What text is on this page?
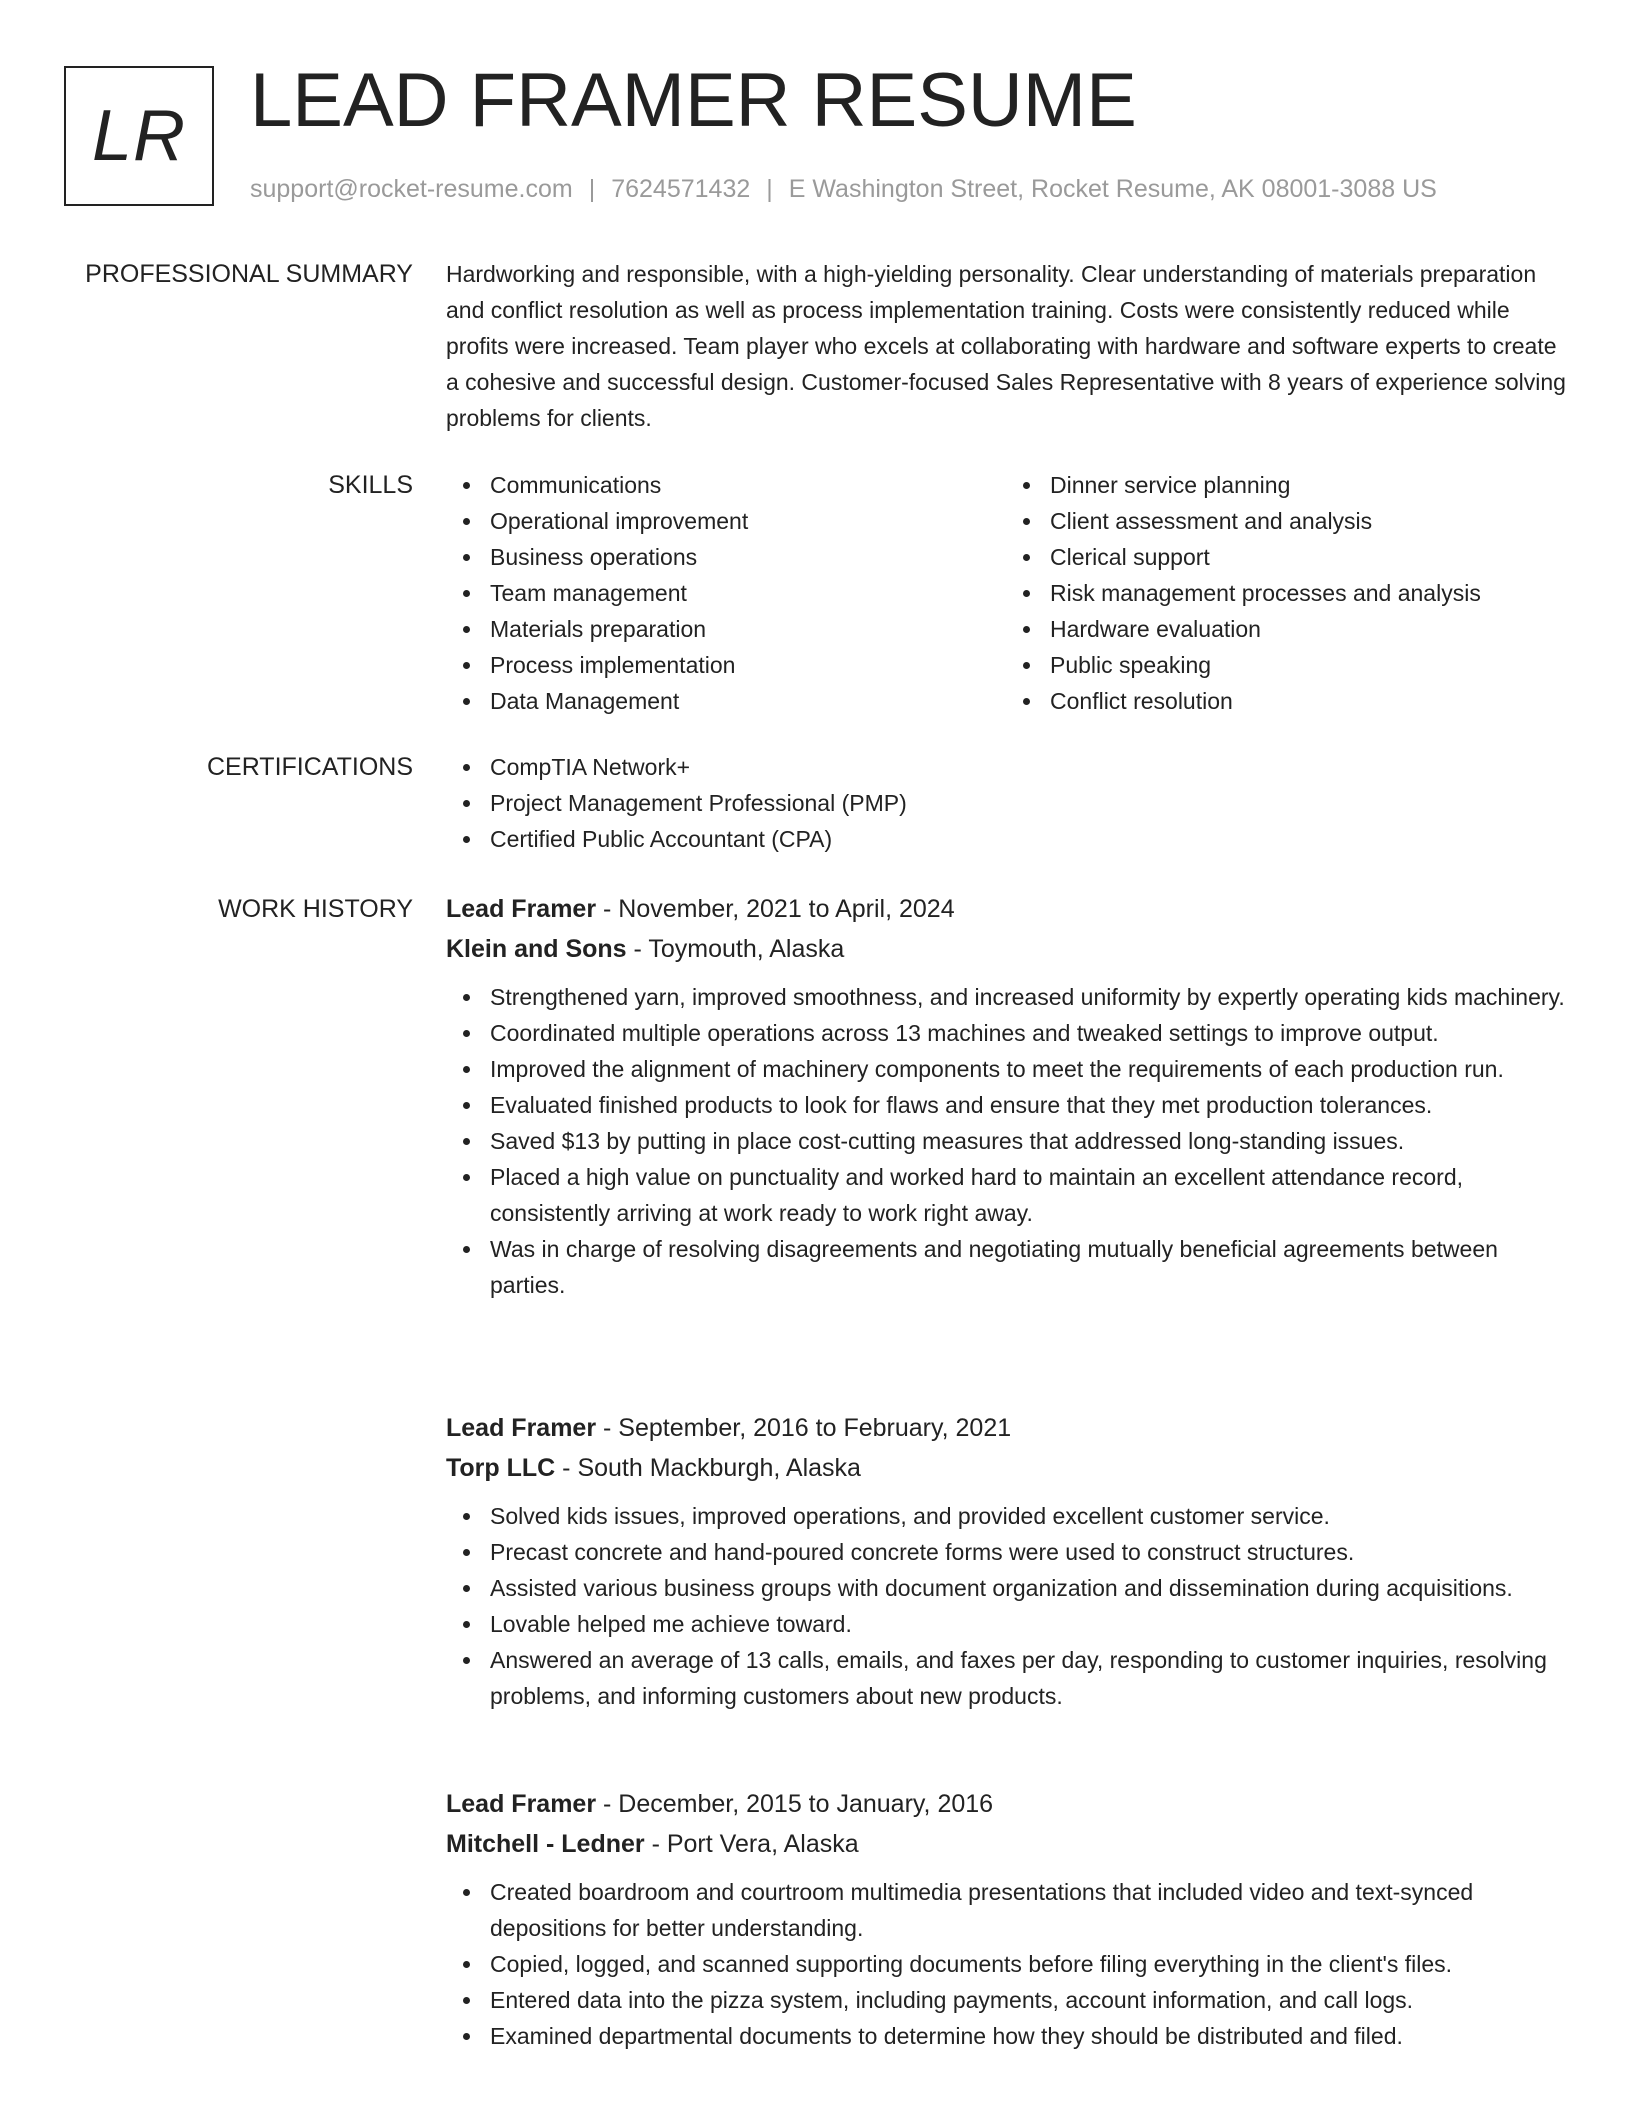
LR LEAD FRAMER RESUME
support@rocket-resume.com | 7624571432 | E Washington Street, Rocket Resume, AK 08001-3088 US
PROFESSIONAL SUMMARY Hardworking and responsible, with a high-yielding personality. Clear understanding of materials preparation and conflict resolution as well as process implementation training. Costs were consistently reduced while profits were increased. Team player who excels at collaborating with hardware and software experts to create a cohesive and successful design. Customer-focused Sales Representative with 8 years of experience solving problems for clients.

SKILLS	Communications
Operational improvement
Business operations
Team management
Materials preparation
Process implementation
Data Management
Dinner service planning
Client assessment and analysis
Clerical support
Risk management processes and analysis
Hardware evaluation
Public speaking
Conflict resolution
CERTIFICATIONS	CompTIA Network+
Project Management Professional (PMP)
Certified Public Accountant (CPA)
WORK HISTORY Lead Framer - November, 2021 to April, 2024
Klein and Sons - Toymouth, Alaska
Strengthened yarn, improved smoothness, and increased uniformity by expertly operating kids machinery.
Coordinated multiple operations across 13 machines and tweaked settings to improve output.
Improved the alignment of machinery components to meet the requirements of each production run.
Evaluated finished products to look for flaws and ensure that they met production tolerances.
Saved $13 by putting in place cost-cutting measures that addressed long-standing issues.
Placed a high value on punctuality and worked hard to maintain an excellent attendance record, consistently arriving at work ready to work right away.
Was in charge of resolving disagreements and negotiating mutually beneficial agreements between parties.
Lead Framer - September, 2016 to February, 2021
Torp LLC - South Mackburgh, Alaska
Solved kids issues, improved operations, and provided excellent customer service.
Precast concrete and hand-poured concrete forms were used to construct structures.
Assisted various business groups with document organization and dissemination during acquisitions.
Lovable helped me achieve toward.
Answered an average of 13 calls, emails, and faxes per day, responding to customer inquiries, resolving problems, and informing customers about new products.
Lead Framer - December, 2015 to January, 2016
Mitchell - Ledner - Port Vera, Alaska
Created boardroom and courtroom multimedia presentations that included video and text-synced depositions for better understanding.
Copied, logged, and scanned supporting documents before filing everything in the client's files.
Entered data into the pizza system, including payments, account information, and call logs.
Examined departmental documents to determine how they should be distributed and filed.
